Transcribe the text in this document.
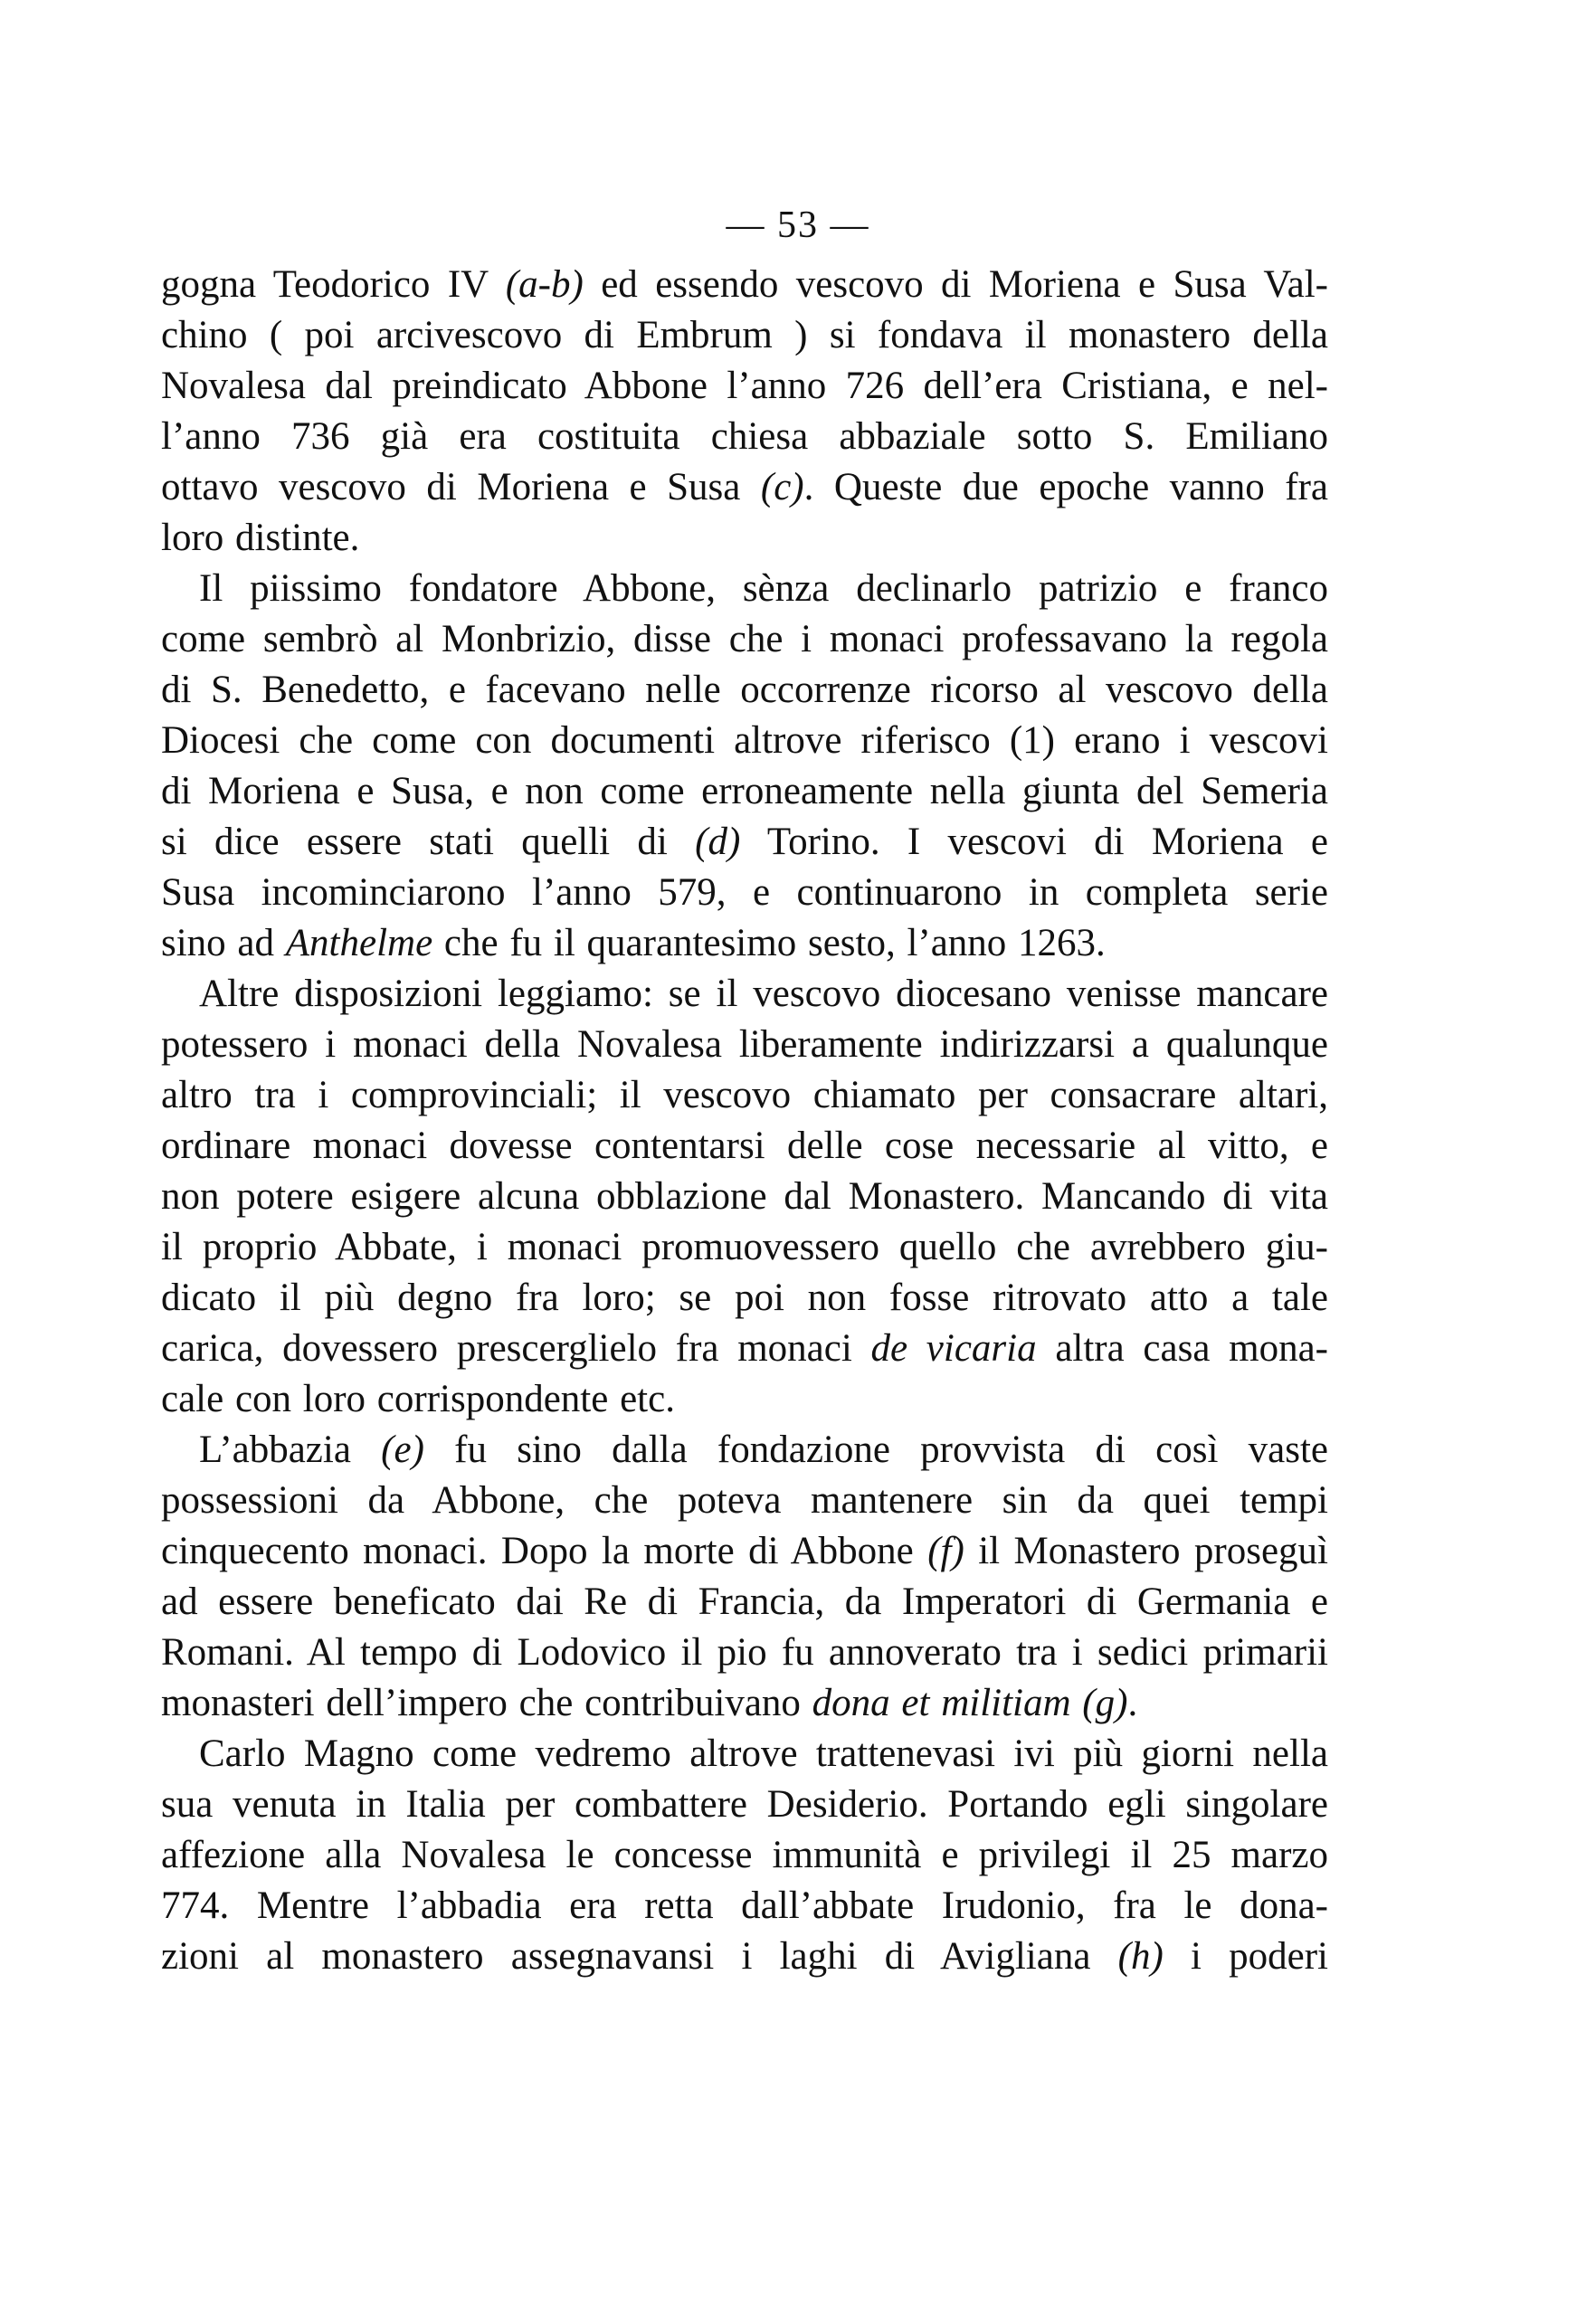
— 53 —
gogna Teodorico IV (a-b) ed essendo vescovo di Moriena e Susa Val-
chino ( poi arcivescovo di Embrum ) si fondava il monastero della
Novalesa dal preindicato Abbone l’anno 726 dell’era Cristiana, e nel-
l’anno 736 già era costituita chiesa abbaziale sotto S. Emiliano
ottavo vescovo di Moriena e Susa (c). Queste due epoche vanno fra
loro distinte.
Il piissimo fondatore Abbone, sènza declinarlo patrizio e franco
come sembrò al Monbrizio, disse che i monaci professavano la regola
di S. Benedetto, e facevano nelle occorrenze ricorso al vescovo della
Diocesi che come con documenti altrove riferisco (1) erano i vescovi
di Moriena e Susa, e non come erroneamente nella giunta del Semeria
si dice essere stati quelli di (d) Torino. I vescovi di Moriena e
Susa incominciarono l’anno 579, e continuarono in completa serie
sino ad Anthelme che fu il quarantesimo sesto, l’anno 1263.
Altre disposizioni leggiamo: se il vescovo diocesano venisse mancare
potessero i monaci della Novalesa liberamente indirizzarsi a qualunque
altro tra i comprovinciali; il vescovo chiamato per consacrare altari,
ordinare monaci dovesse contentarsi delle cose necessarie al vitto, e
non potere esigere alcuna obblazione dal Monastero. Mancando di vita
il proprio Abbate, i monaci promuovessero quello che avrebbero giu-
dicato il più degno fra loro; se poi non fosse ritrovato atto a tale
carica, dovessero prescerglielo fra monaci de vicaria altra casa mona-
cale con loro corrispondente etc.
L’abbazia (e) fu sino dalla fondazione provvista di così vaste
possessioni da Abbone, che poteva mantenere sin da quei tempi
cinquecento monaci. Dopo la morte di Abbone (f) il Monastero proseguì
ad essere beneficato dai Re di Francia, da Imperatori di Germania e
Romani. Al tempo di Lodovico il pio fu annoverato tra i sedici primarii
monasteri dell’impero che contribuivano dona et militiam (g).
Carlo Magno come vedremo altrove trattenevasi ivi più giorni nella
sua venuta in Italia per combattere Desiderio. Portando egli singolare
affezione alla Novalesa le concesse immunità e privilegi il 25 marzo
774. Mentre l’abbadia era retta dall’abbate Irudonio, fra le dona-
zioni al monastero assegnavansi i laghi di Avigliana (h) i poderi
